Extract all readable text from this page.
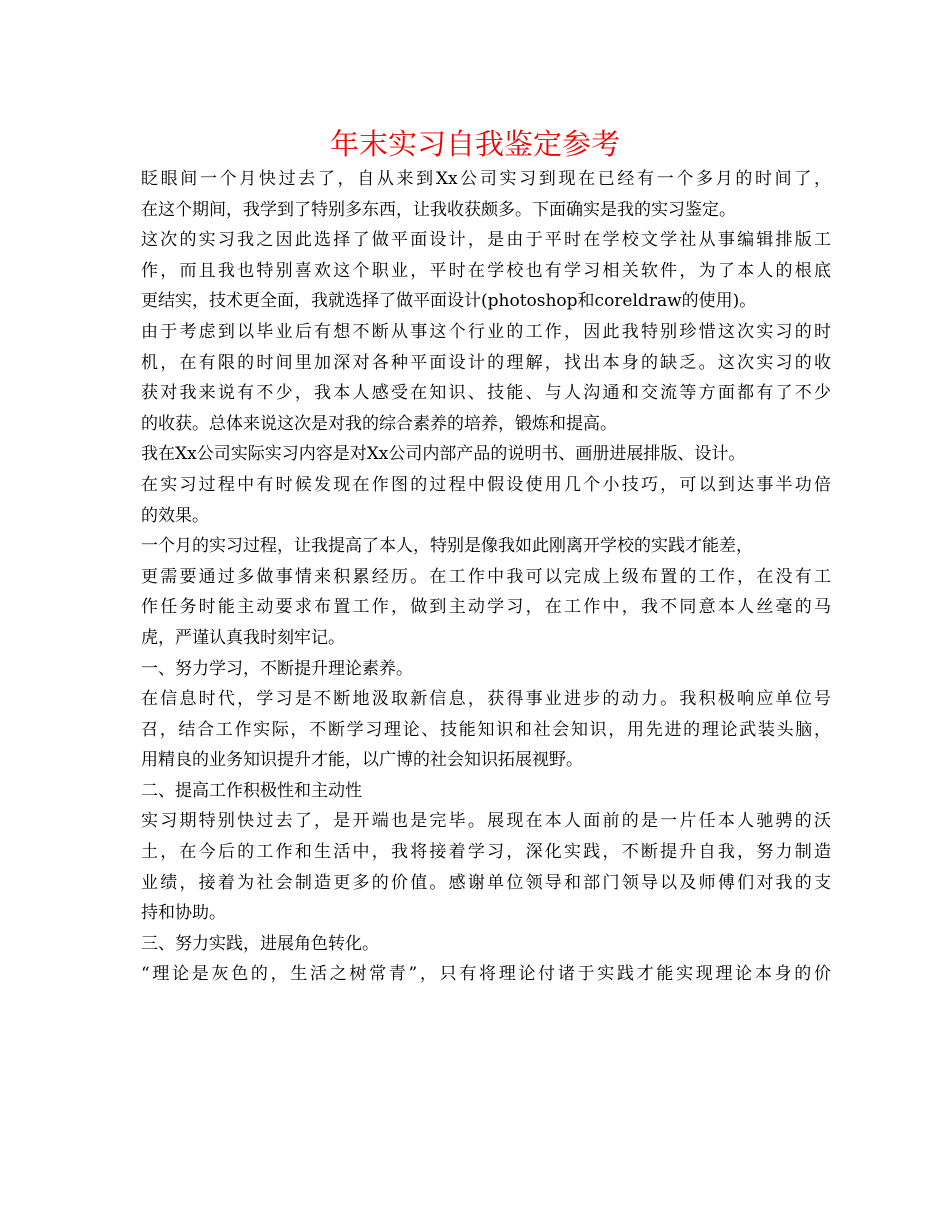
年末实习自我鉴定参考
眨眼间一个月快过去了，自从来到Xx公司实习到现在已经有一个多月的时间了，
在这个期间，我学到了特别多东西，让我收获颇多。下面确实是我的实习鉴定。
这次的实习我之因此选择了做平面设计，是由于平时在学校文学社从事编辑排版工
作，而且我也特别喜欢这个职业，平时在学校也有学习相关软件，为了本人的根底
更结实，技术更全面，我就选择了做平面设计(photoshop和coreldraw的使用)。
由于考虑到以毕业后有想不断从事这个行业的工作，因此我特别珍惜这次实习的时
机，在有限的时间里加深对各种平面设计的理解，找出本身的缺乏。这次实习的收
获对我来说有不少，我本人感受在知识、技能、与人沟通和交流等方面都有了不少
的收获。总体来说这次是对我的综合素养的培养，锻炼和提高。
我在Xx公司实际实习内容是对Xx公司内部产品的说明书、画册进展排版、设计。
在实习过程中有时候发现在作图的过程中假设使用几个小技巧，可以到达事半功倍
的效果。
一个月的实习过程，让我提高了本人，特别是像我如此刚离开学校的实践才能差，
更需要通过多做事情来积累经历。在工作中我可以完成上级布置的工作，在没有工
作任务时能主动要求布置工作，做到主动学习，在工作中，我不同意本人丝毫的马
虎，严谨认真我时刻牢记。
一、努力学习，不断提升理论素养。
在信息时代，学习是不断地汲取新信息，获得事业进步的动力。我积极响应单位号
召，结合工作实际，不断学习理论、技能知识和社会知识，用先进的理论武装头脑，
用精良的业务知识提升才能，以广博的社会知识拓展视野。
二、提高工作积极性和主动性
实习期特别快过去了，是开端也是完毕。展现在本人面前的是一片任本人驰骋的沃
土，在今后的工作和生活中，我将接着学习，深化实践，不断提升自我，努力制造
业绩，接着为社会制造更多的价值。感谢单位领导和部门领导以及师傅们对我的支
持和协助。
三、努力实践，进展角色转化。
“理论是灰色的，生活之树常青”，只有将理论付诸于实践才能实现理论本身的价
